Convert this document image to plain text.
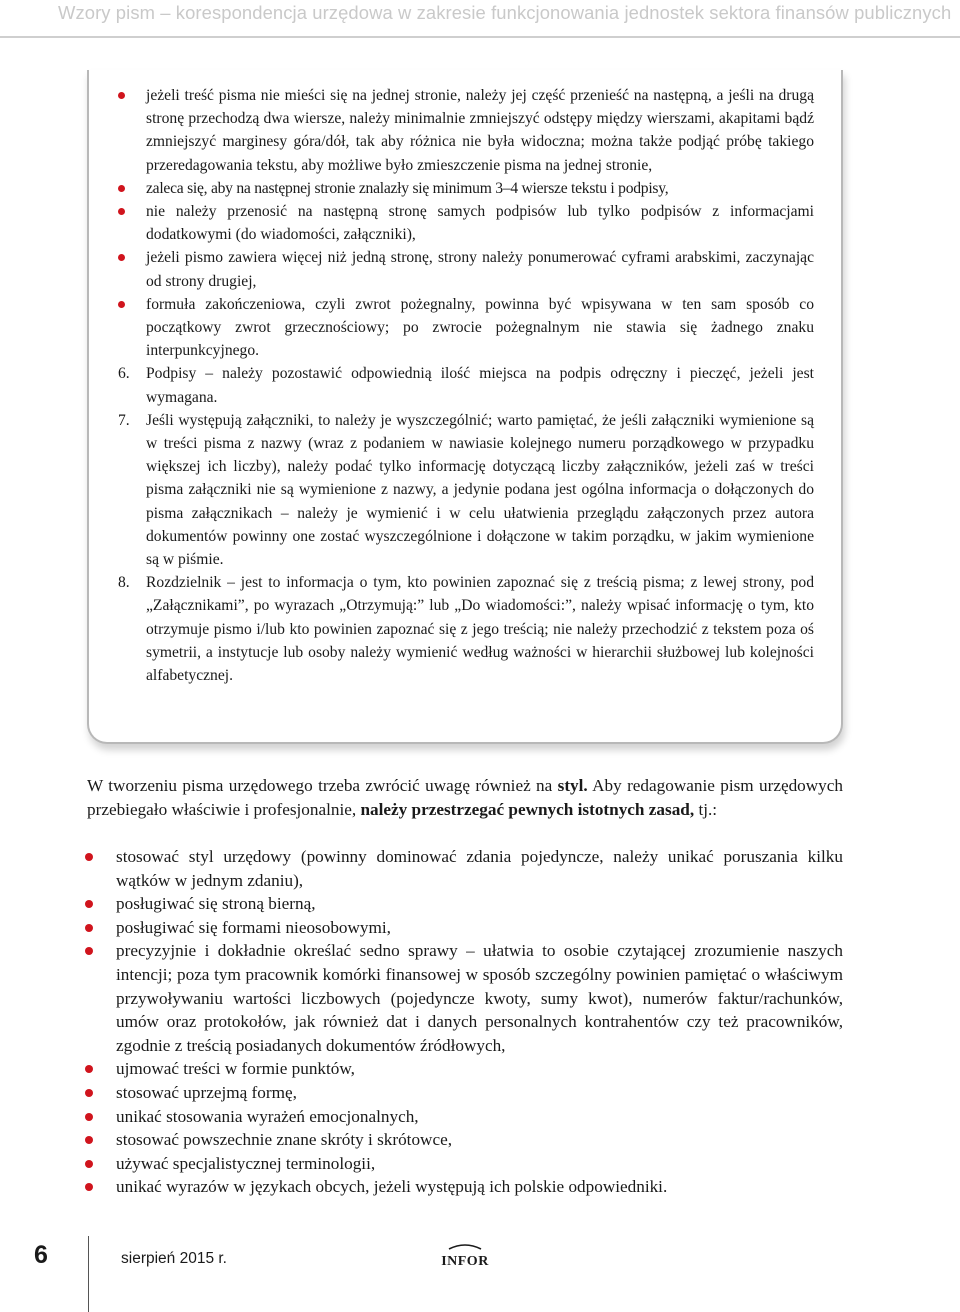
Wzory pism – korespondencja urzędowa w zakresie funkcjonowania jednostek sektora finansów publicznych
jeżeli treść pisma nie mieści się na jednej stronie, należy jej część przenieść na następną, a jeśli na drugą stronę przechodzą dwa wiersze, należy minimalnie zmniejszyć odstępy między wierszami, akapitami bądź zmniejszyć marginesy góra/dół, tak aby różnica nie była widoczna; można także podjąć próbę takiego przeredagowania tekstu, aby możliwe było zmieszczenie pisma na jednej stronie,
zaleca się, aby na następnej stronie znalazły się minimum 3–4 wiersze tekstu i podpisy,
nie należy przenosić na następną stronę samych podpisów lub tylko podpisów z informacjami dodatkowymi (do wiadomości, załączniki),
jeżeli pismo zawiera więcej niż jedną stronę, strony należy ponumerować cyframi arabskimi, zaczynając od strony drugiej,
formuła zakończeniowa, czyli zwrot pożegnalny, powinna być wpisywana w ten sam sposób co początkowy zwrot grzecznościowy; po zwrocie pożegnalnym nie stawia się żadnego znaku interpunkcyjnego.
6. Podpisy – należy pozostawić odpowiednią ilość miejsca na podpis odręczny i pieczęć, jeżeli jest wymagana.
7. Jeśli występują załączniki, to należy je wyszczególnić; warto pamiętać, że jeśli załączniki wymienione są w treści pisma z nazwy (wraz z podaniem w nawiasie kolejnego numeru porządkowego w przypadku większej ich liczby), należy podać tylko informację dotyczącą liczby załączników, jeżeli zaś w treści pisma załączniki nie są wymienione z nazwy, a jedynie podana jest ogólna informacja o dołączonych do pisma załącznikach – należy je wymienić i w celu ułatwienia przeglądu załączonych przez autora dokumentów powinny one zostać wyszczególnione i dołączone w takim porządku, w jakim wymienione są w piśmie.
8. Rozdzielnik – jest to informacja o tym, kto powinien zapoznać się z treścią pisma; z lewej strony, pod „Załącznikami”, po wyrazach „Otrzymują:” lub „Do wiadomości:”, należy wpisać informację o tym, kto otrzymuje pismo i/lub kto powinien zapoznać się z jego treścią; nie należy przechodzić z tekstem poza oś symetrii, a instytucje lub osoby należy wymienić według ważności w hierarchii służbowej lub kolejności alfabetycznej.

W tworzeniu pisma urzędowego trzeba zwrócić uwagę również na styl. Aby redagowanie pism urzędowych przebiegało właściwie i profesjonalnie, należy przestrzegać pewnych istotnych zasad, tj.:

stosować styl urzędowy (powinny dominować zdania pojedyncze, należy unikać poruszania kilku wątków w jednym zdaniu),
posługiwać się stroną bierną,
posługiwać się formami nieosobowymi,
precyzyjnie i dokładnie określać sedno sprawy – ułatwia to osobie czytającej zrozumienie naszych intencji; poza tym pracownik komórki finansowej w sposób szczególny powinien pamiętać o właściwym przywoływaniu wartości liczbowych (pojedyncze kwoty, sumy kwot), numerów faktur/rachunków, umów oraz protokołów, jak również dat i danych personalnych kontrahentów czy też pracowników, zgodnie z treścią posiadanych dokumentów źródłowych,
ujmować treści w formie punktów,
stosować uprzejmą formę,
unikać stosowania wyrażeń emocjonalnych,
stosować powszechnie znane skróty i skrótowce,
używać specjalistycznej terminologii,
unikać wyrazów w językach obcych, jeżeli występują ich polskie odpowiedniki.
6	sierpień 2015 r.	INFOR
